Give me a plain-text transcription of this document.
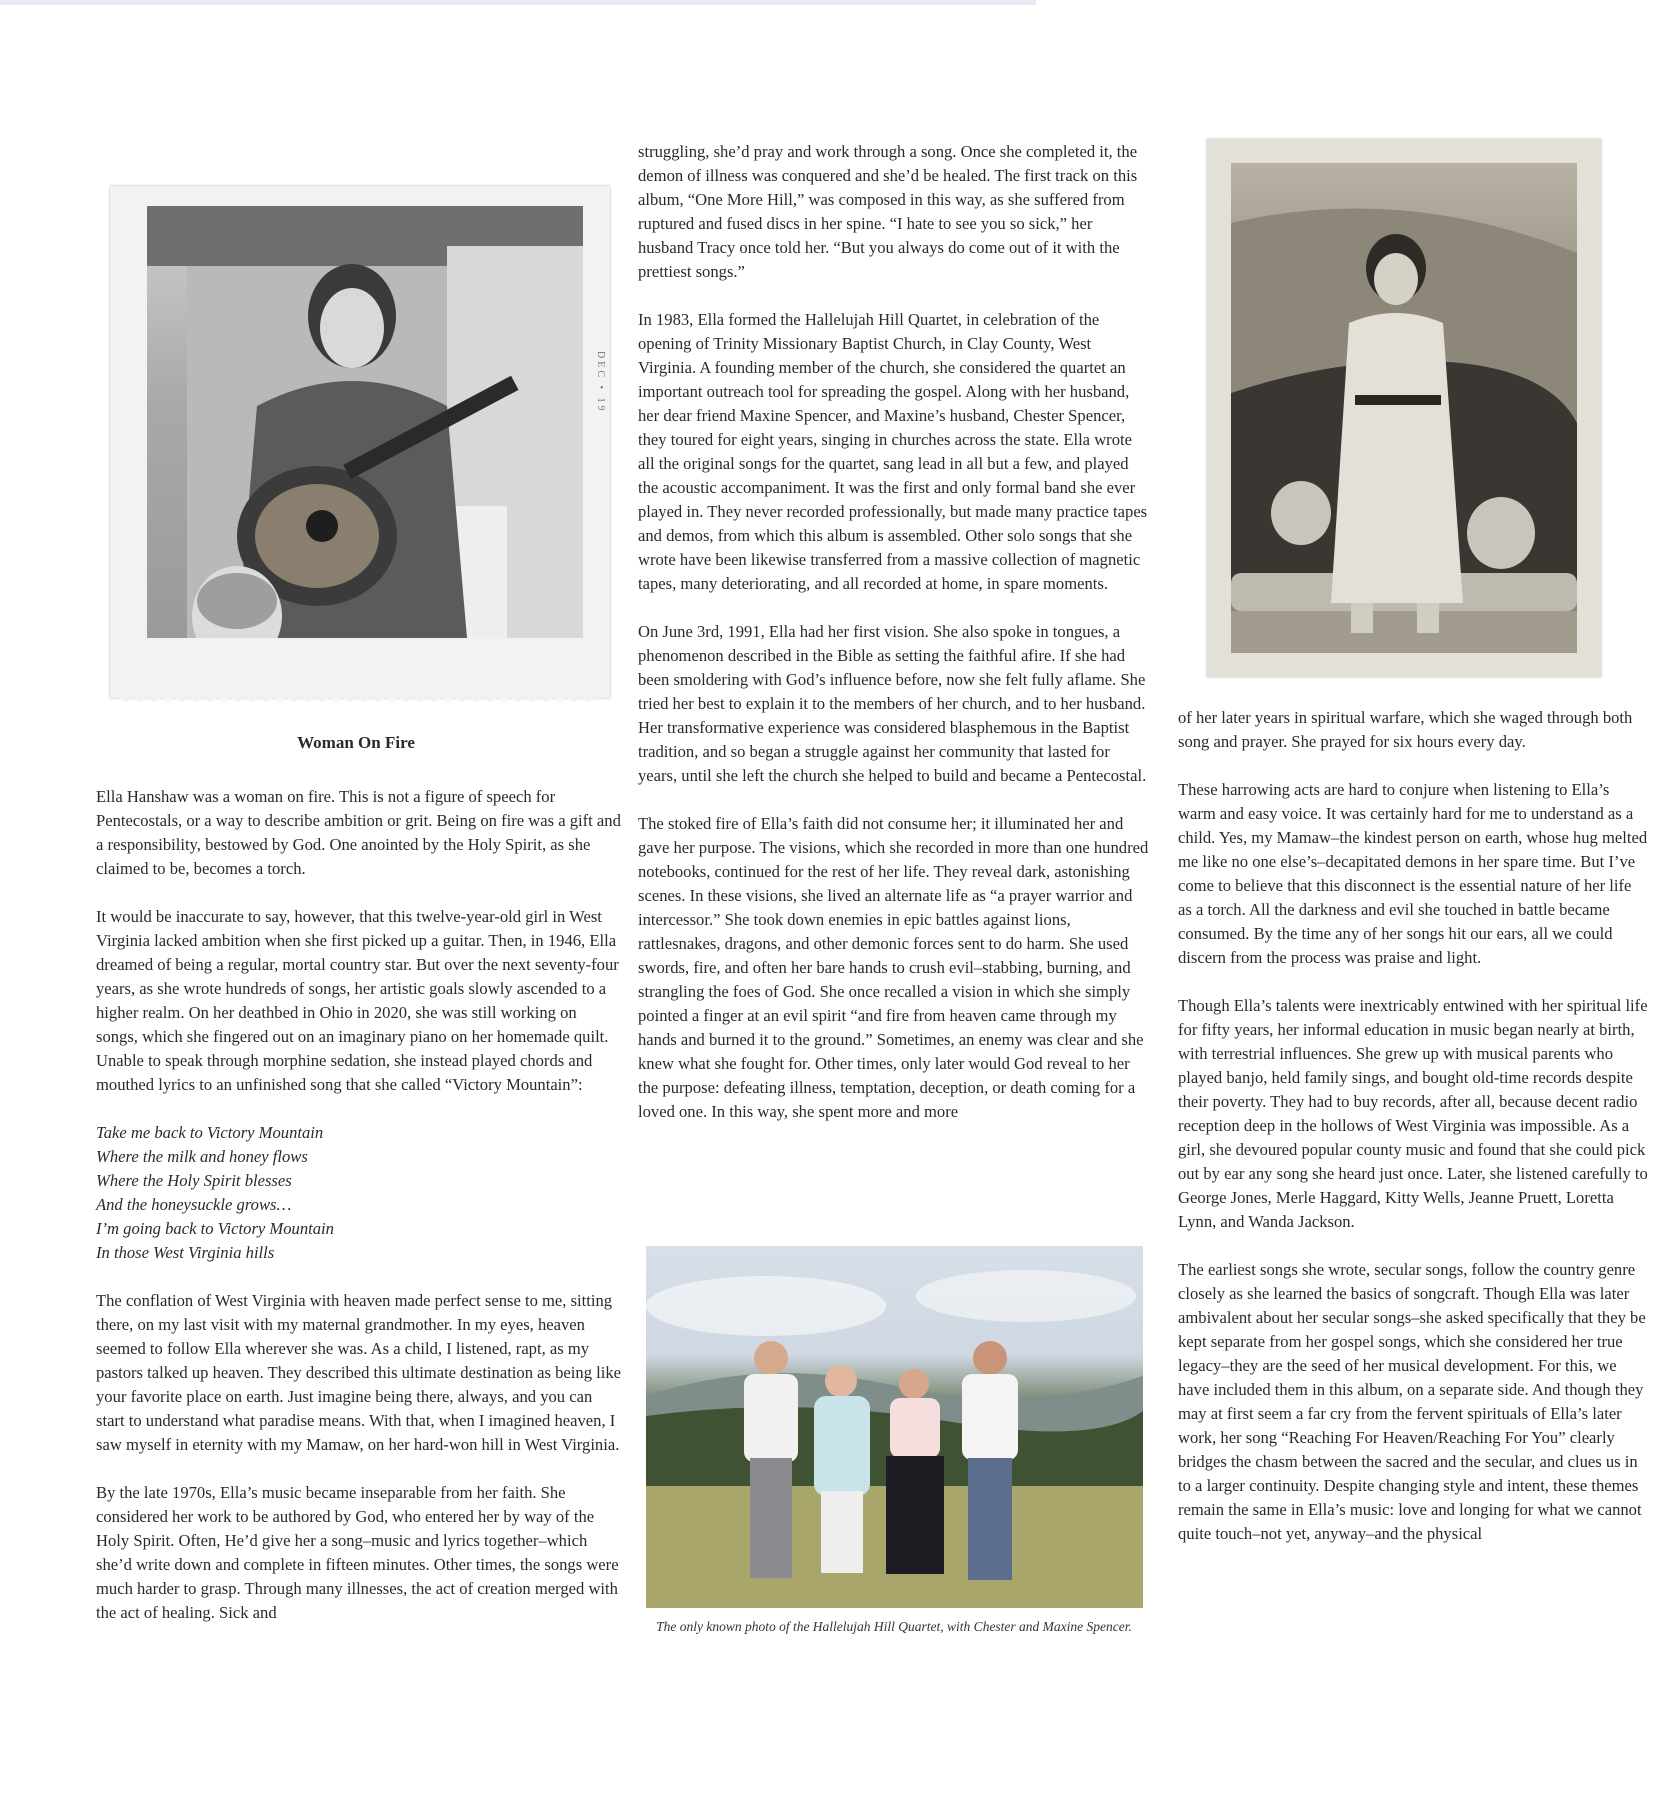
DEC • 19
Woman On Fire

Ella Hanshaw was a woman on fire. This is not a figure of speech for Pentecostals, or a way to describe ambition or grit. Being on fire was a gift and a responsibility, bestowed by God. One anointed by the Holy Spirit, as she claimed to be, becomes a torch.

It would be inaccurate to say, however, that this twelve-year-old girl in West Virginia lacked ambition when she first picked up a guitar. Then, in 1946, Ella dreamed of being a regular, mortal country star. But over the next seventy-four years, as she wrote hundreds of songs, her artistic goals slowly ascended to a higher realm. On her deathbed in Ohio in 2020, she was still working on songs, which she fingered out on an imaginary piano on her homemade quilt. Unable to speak through morphine sedation, she instead played chords and mouthed lyrics to an unfinished song that she called “Victory Mountain”:

Take me back to Victory Mountain
Where the milk and honey flows
Where the Holy Spirit blesses
And the honeysuckle grows…
I’m going back to Victory Mountain
In those West Virginia hills

The conflation of West Virginia with heaven made perfect sense to me, sitting there, on my last visit with my maternal grandmother. In my eyes, heaven seemed to follow Ella wherever she was. As a child, I listened, rapt, as my pastors talked up heaven. They described this ultimate destination as being like your favorite place on earth. Just imagine being there, always, and you can start to understand what paradise means. With that, when I imagined heaven, I saw myself in eternity with my Mamaw, on her hard-won hill in West Virginia.

By the late 1970s, Ella’s music became inseparable from her faith. She considered her work to be authored by God, who entered her by way of the Holy Spirit. Often, He’d give her a song–music and lyrics together–which she’d write down and complete in fifteen minutes. Other times, the songs were much harder to grasp. Through many illnesses, the act of creation merged with the act of healing. Sick and

struggling, she’d pray and work through a song. Once she completed it, the demon of illness was conquered and she’d be healed. The first track on this album, “One More Hill,” was composed in this way, as she suffered from ruptured and fused discs in her spine. “I hate to see you so sick,” her husband Tracy once told her. “But you always do come out of it with the prettiest songs.”

In 1983, Ella formed the Hallelujah Hill Quartet, in celebration of the opening of Trinity Missionary Baptist Church, in Clay County, West Virginia. A founding member of the church, she considered the quartet an important outreach tool for spreading the gospel. Along with her husband, her dear friend Maxine Spencer, and Maxine’s husband, Chester Spencer, they toured for eight years, singing in churches across the state. Ella wrote all the original songs for the quartet, sang lead in all but a few, and played the acoustic accompaniment. It was the first and only formal band she ever played in. They never recorded professionally, but made many practice tapes and demos, from which this album is assembled. Other solo songs that she wrote have been likewise transferred from a massive collection of magnetic tapes, many deteriorating, and all recorded at home, in spare moments.

On June 3rd, 1991, Ella had her first vision. She also spoke in tongues, a phenomenon described in the Bible as setting the faithful afire. If she had been smoldering with God’s influence before, now she felt fully aflame. She tried her best to explain it to the members of her church, and to her husband. Her transformative experience was considered blasphemous in the Baptist tradition, and so began a struggle against her community that lasted for years, until she left the church she helped to build and became a Pentecostal.

The stoked fire of Ella’s faith did not consume her; it illuminated her and gave her purpose. The visions, which she recorded in more than one hundred notebooks, continued for the rest of her life. They reveal dark, astonishing scenes. In these visions, she lived an alternate life as “a prayer warrior and intercessor.” She took down enemies in epic battles against lions, rattlesnakes, dragons, and other demonic forces sent to do harm. She used swords, fire, and often her bare hands to crush evil–stabbing, burning, and strangling the foes of God. She once recalled a vision in which she simply pointed a finger at an evil spirit “and fire from heaven came through my hands and burned it to the ground.” Sometimes, an enemy was clear and she knew what she fought for. Other times, only later would God reveal to her the purpose: defeating illness, temptation, deception, or death coming for a loved one. In this way, she spent more and more

The only known photo of the Hallelujah Hill Quartet, with Chester and Maxine Spencer.

of her later years in spiritual warfare, which she waged through both song and prayer. She prayed for six hours every day.

These harrowing acts are hard to conjure when listening to Ella’s warm and easy voice. It was certainly hard for me to understand as a child. Yes, my Mamaw–the kindest person on earth, whose hug melted me like no one else’s–decapitated demons in her spare time. But I’ve come to believe that this disconnect is the essential nature of her life as a torch. All the darkness and evil she touched in battle became consumed. By the time any of her songs hit our ears, all we could discern from the process was praise and light.

Though Ella’s talents were inextricably entwined with her spiritual life for fifty years, her informal education in music began nearly at birth, with terrestrial influences. She grew up with musical parents who played banjo, held family sings, and bought old-time records despite their poverty. They had to buy records, after all, because decent radio reception deep in the hollows of West Virginia was impossible. As a girl, she devoured popular county music and found that she could pick out by ear any song she heard just once. Later, she listened carefully to George Jones, Merle Haggard, Kitty Wells, Jeanne Pruett, Loretta Lynn, and Wanda Jackson.

The earliest songs she wrote, secular songs, follow the country genre closely as she learned the basics of songcraft. Though Ella was later ambivalent about her secular songs–she asked specifically that they be kept separate from her gospel songs, which she considered her true legacy–they are the seed of her musical development. For this, we have included them in this album, on a separate side. And though they may at first seem a far cry from the fervent spirituals of Ella’s later work, her song “Reaching For Heaven/Reaching For You” clearly bridges the chasm between the sacred and the secular, and clues us in to a larger continuity. Despite changing style and intent, these themes remain the same in Ella’s music: love and longing for what we cannot quite touch–not yet, anyway–and the physical
